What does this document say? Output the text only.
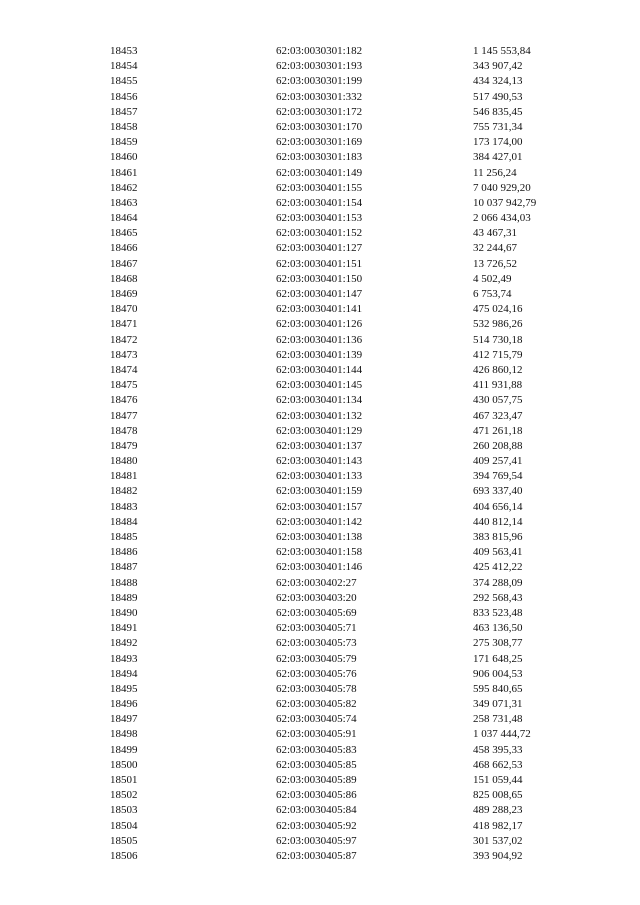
18453	62:03:0030301:182	1 145 553,84
18454	62:03:0030301:193	343 907,42
18455	62:03:0030301:199	434 324,13
18456	62:03:0030301:332	517 490,53
18457	62:03:0030301:172	546 835,45
18458	62:03:0030301:170	755 731,34
18459	62:03:0030301:169	173 174,00
18460	62:03:0030301:183	384 427,01
18461	62:03:0030401:149	11 256,24
18462	62:03:0030401:155	7 040 929,20
18463	62:03:0030401:154	10 037 942,79
18464	62:03:0030401:153	2 066 434,03
18465	62:03:0030401:152	43 467,31
18466	62:03:0030401:127	32 244,67
18467	62:03:0030401:151	13 726,52
18468	62:03:0030401:150	4 502,49
18469	62:03:0030401:147	6 753,74
18470	62:03:0030401:141	475 024,16
18471	62:03:0030401:126	532 986,26
18472	62:03:0030401:136	514 730,18
18473	62:03:0030401:139	412 715,79
18474	62:03:0030401:144	426 860,12
18475	62:03:0030401:145	411 931,88
18476	62:03:0030401:134	430 057,75
18477	62:03:0030401:132	467 323,47
18478	62:03:0030401:129	471 261,18
18479	62:03:0030401:137	260 208,88
18480	62:03:0030401:143	409 257,41
18481	62:03:0030401:133	394 769,54
18482	62:03:0030401:159	693 337,40
18483	62:03:0030401:157	404 656,14
18484	62:03:0030401:142	440 812,14
18485	62:03:0030401:138	383 815,96
18486	62:03:0030401:158	409 563,41
18487	62:03:0030401:146	425 412,22
18488	62:03:0030402:27	374 288,09
18489	62:03:0030403:20	292 568,43
18490	62:03:0030405:69	833 523,48
18491	62:03:0030405:71	463 136,50
18492	62:03:0030405:73	275 308,77
18493	62:03:0030405:79	171 648,25
18494	62:03:0030405:76	906 004,53
18495	62:03:0030405:78	595 840,65
18496	62:03:0030405:82	349 071,31
18497	62:03:0030405:74	258 731,48
18498	62:03:0030405:91	1 037 444,72
18499	62:03:0030405:83	458 395,33
18500	62:03:0030405:85	468 662,53
18501	62:03:0030405:89	151 059,44
18502	62:03:0030405:86	825 008,65
18503	62:03:0030405:84	489 288,23
18504	62:03:0030405:92	418 982,17
18505	62:03:0030405:97	301 537,02
18506	62:03:0030405:87	393 904,92
